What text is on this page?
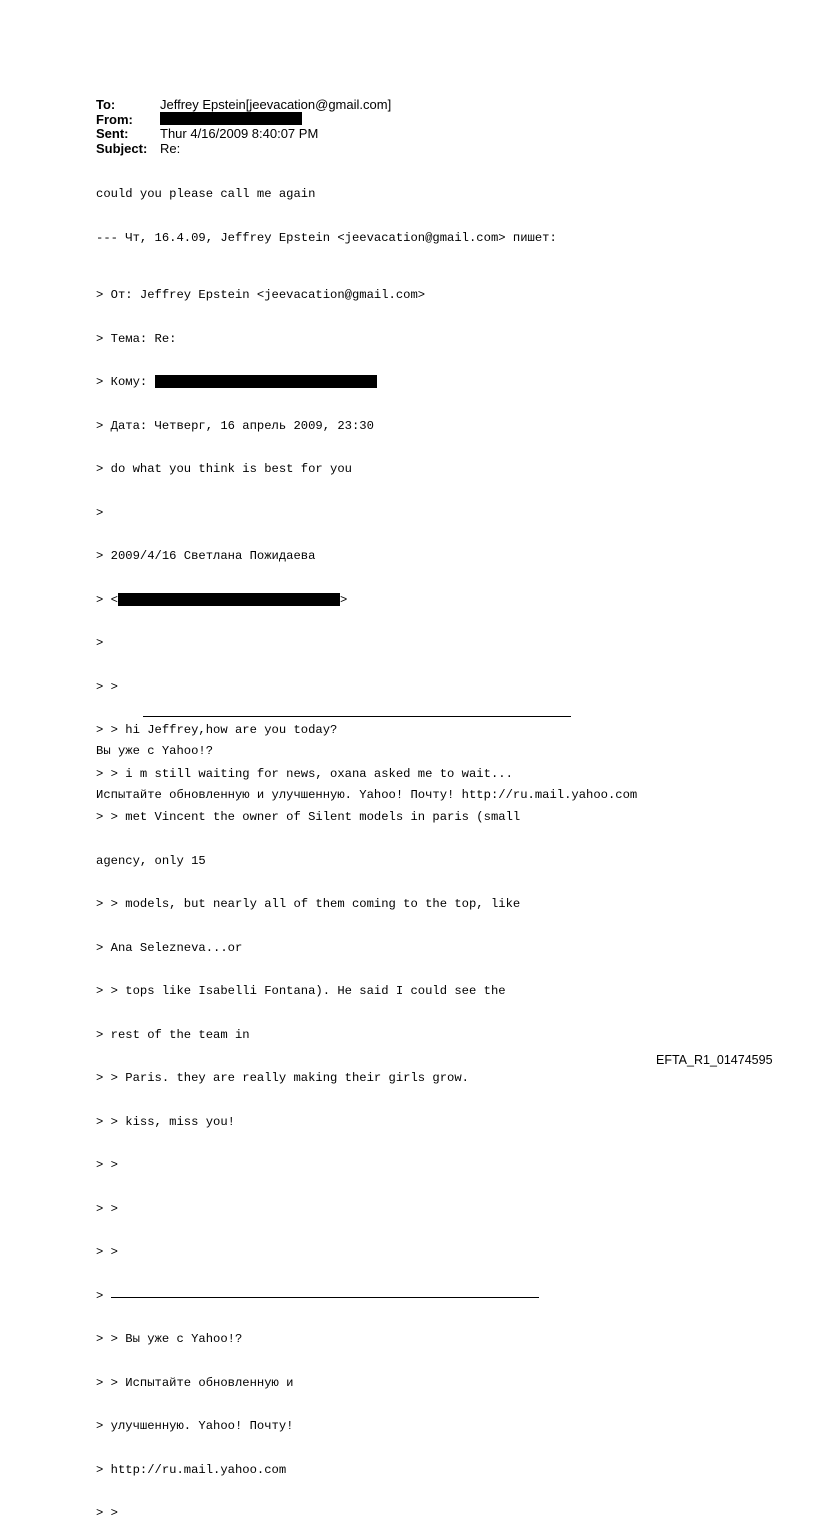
To:	Jeffrey Epstein[jeevacation@gmail.com]
From:
Sent:	Thur 4/16/2009 8:40:07 PM
Subject: Re:

could you please call me again

--- Чт, 16.4.09, Jeffrey Epstein <jeevacation@gmail.com> пишет:

> От: Jeffrey Epstein <jeevacation@gmail.com>

> Тема: Re:

> Кому:

> Дата: Четверг, 16 апрель 2009, 23:30

> do what you think is best for you

>

> 2009/4/16 Светлана Пожидаева

> <	>

>

> >

> > hi Jeffrey,how are you today?

> > i m still waiting for news, oxana asked me to wait...

> > met Vincent the owner of Silent models in paris (small

agency, only 15

> > models, but nearly all of them coming to the top, like

> Ana Selezneva...or

> > tops like Isabelli Fontana). He said I could see the

> rest of the team in

> > Paris. they are really making their girls grow.

> > kiss, miss you!

> >

> >

> >

>

> > Вы уже с Yahoo!?

> > Испытайте обновленную и

> улучшенную. Yahoo! Почту!

> http://ru.mail.yahoo.com

> >

Вы уже с Yahoo!?

Испытайте обновленную и улучшенную. Yahoo! Почту! http://ru.mail.yahoo.com

EFTA_R1_01474595
